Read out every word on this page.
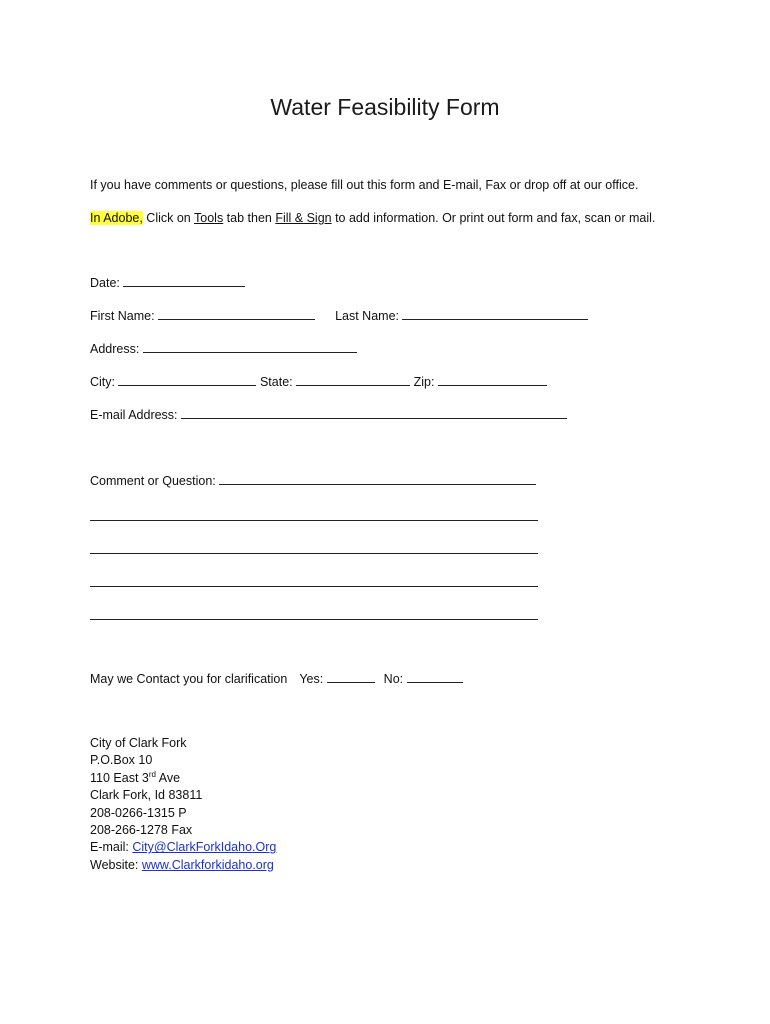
Water Feasibility Form
If you have comments or questions, please fill out this form and E-mail, Fax or drop off at our office.
In Adobe, Click on Tools tab then Fill & Sign to add information. Or print out form and fax, scan or mail.
Date:
First Name:	Last Name:
Address:
City:	State:	Zip:
E-mail Address:
Comment or Question:
May we Contact you for clarification Yes:	No:
City of Clark Fork
P.O.Box 10
110 East 3rd Ave
Clark Fork, Id 83811
208-0266-1315 P
208-266-1278 Fax
E-mail: City@ClarkForkIdaho.Org
Website: www.Clarkforkidaho.org
